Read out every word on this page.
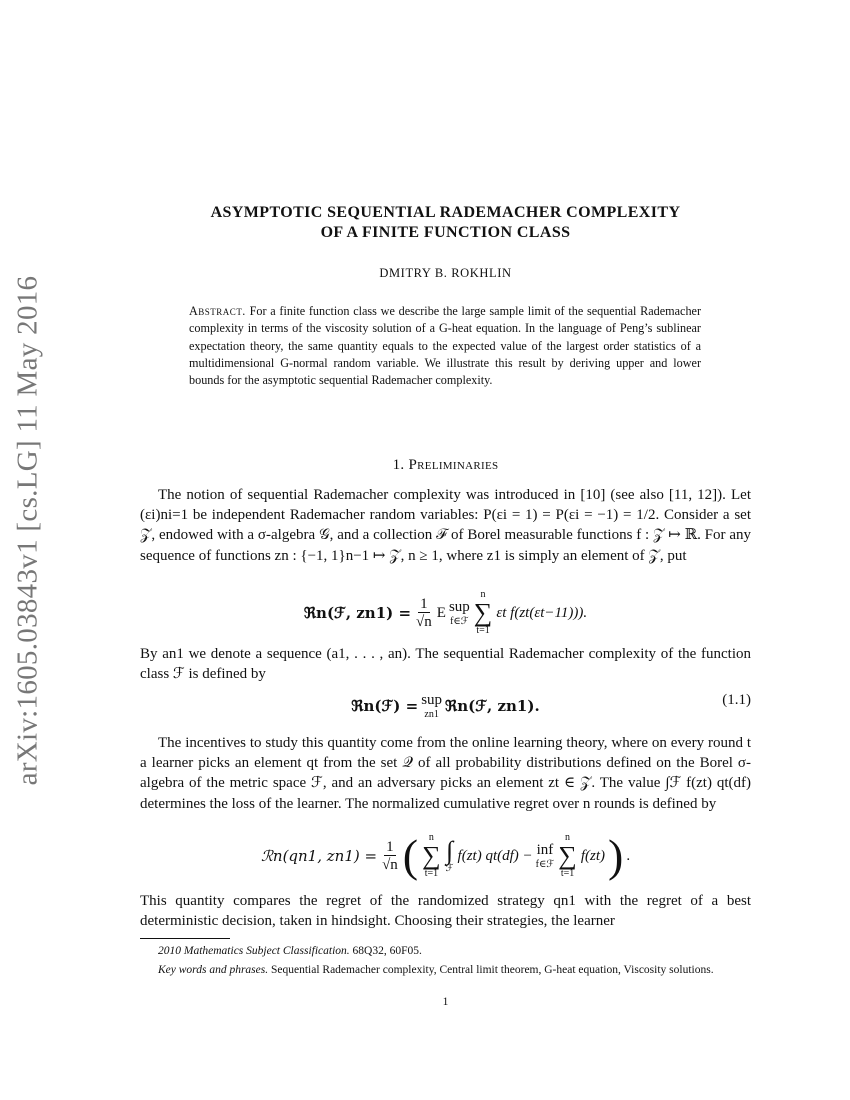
arXiv:1605.03843v1 [cs.LG] 11 May 2016
ASYMPTOTIC SEQUENTIAL RADEMACHER COMPLEXITY
OF A FINITE FUNCTION CLASS
DMITRY B. ROKHLIN
Abstract. For a finite function class we describe the large sample limit of the sequential Rademacher complexity in terms of the viscosity solution of a G-heat equation. In the language of Peng’s sublinear expectation theory, the same quantity equals to the expected value of the largest order statistics of a multidimensional G-normal random variable. We illustrate this result by deriving upper and lower bounds for the asymptotic sequential Rademacher complexity.
1. Preliminaries
The notion of sequential Rademacher complexity was introduced in [10] (see also [11, 12]). Let (εi)ni=1 be independent Rademacher random variables: P(εi = 1) = P(εi = −1) = 1/2. Consider a set 𝒵, endowed with a σ-algebra 𝒢, and a collection ℱ of Borel measurable functions f : 𝒵 ↦ ℝ. For any sequence of functions zn : {−1, 1}n−1 ↦ 𝒵, n ≥ 1, where z1 is simply an element of 𝒵, put
ℜn(ℱ, $zn1) = \frac{1}{√n}$ E sup
f∈ℱ
n
∑
t=1
εt f(zt(εt−11))).
By an1 we denote a sequence (a1, . . . , an). The sequential Rademacher complexity of the function class ℱ is defined by
ℜn(ℱ) = sup
zn1 ℜn(ℱ, zn1).	(1.1)
The incentives to study this quantity come from the online learning theory, where on every round t a learner picks an element qt from the set 𝒬 of all probability distributions defined on the Borel σ-algebra of the metric space ℱ, and an adversary picks an element zt ∈ 𝒵. The value ∫ℱ f(zt) qt(df) determines the loss of the learner. The normalized cumulative regret over n rounds is defined by
ℛn(qn1, $zn1) = \frac{1}{√n}$ ( n
∑
t=1
∫
ℱ
f(zt) qt(df) − inf
f∈ℱ
n
∑
t=1
f(zt) ) .
This quantity compares the regret of the randomized strategy qn1 with the regret of a best deterministic decision, taken in hindsight. Choosing their strategies, the learner
2010 Mathematics Subject Classification. 68Q32, 60F05.
Key words and phrases. Sequential Rademacher complexity, Central limit theorem, G-heat equation, Viscosity solutions.
1
